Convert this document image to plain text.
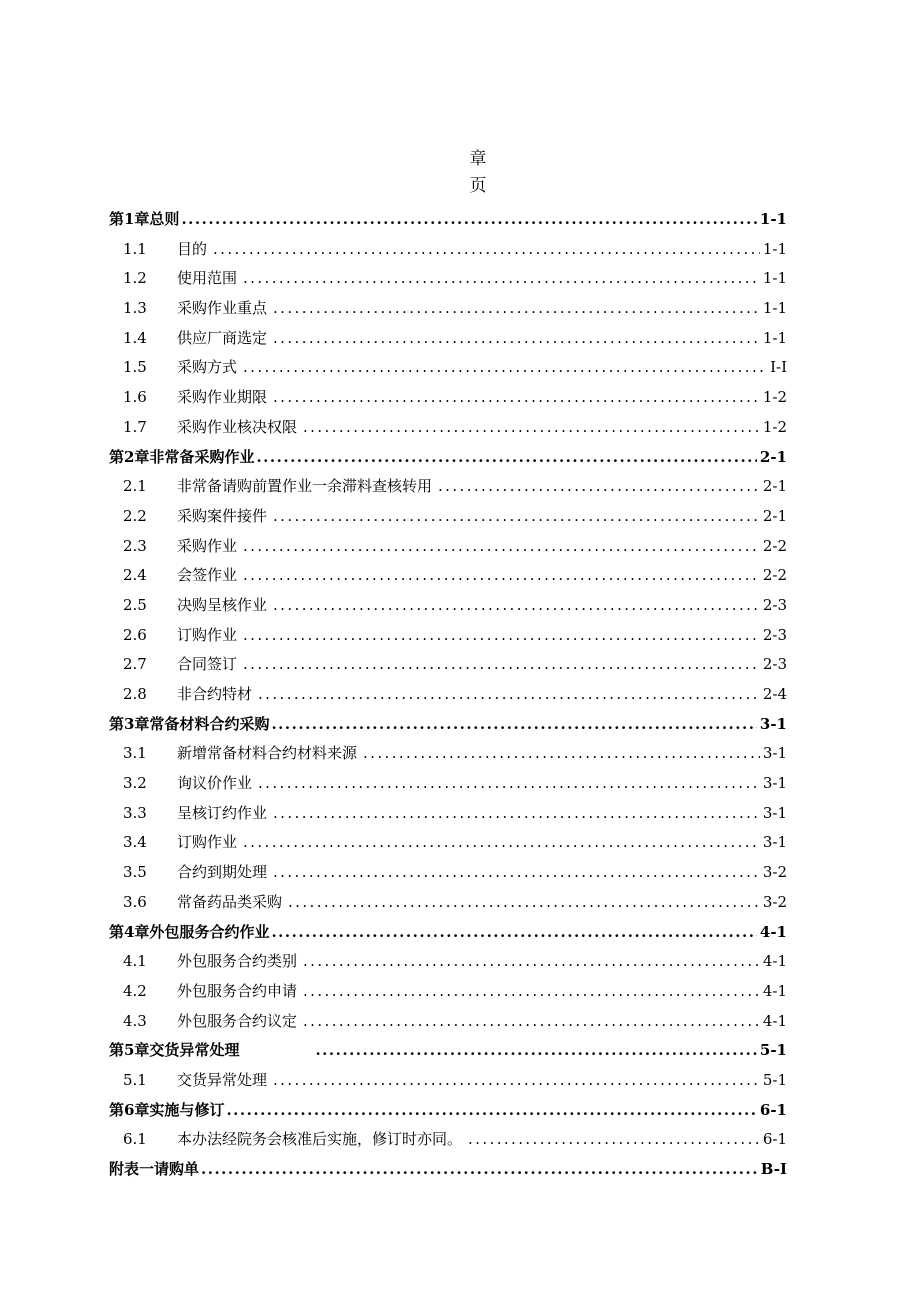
章
页
第1章总则 .....	1-1
1.1	目的 .....	1-1
1.2	使用范围 .....	1-1
1.3	采购作业重点 .....	1-1
1.4	供应厂商选定 .....	1-1
1.5	采购方式 .....	I-I
1.6	采购作业期限 .....	1-2
1.7	采购作业核决权限 .....	1-2
第2章非常备采购作业 .....	2-1
2.1	非常备请购前置作业一余滞料查核转用 .....	2-1
2.2	采购案件接件 .....	2-1
2.3	采购作业 .....	2-2
2.4	会签作业 .....	2-2
2.5	决购呈核作业 .....	2-3
2.6	订购作业 .....	2-3
2.7	合同签订 .....	2-3
2.8	非合约特材 .....	2-4
第3章常备材料合约采购 .....	3-1
3.1	新增常备材料合约材料来源 .....	3-1
3.2	询议价作业 .....	3-1
3.3	呈核订约作业 .....	3-1
3.4	订购作业 .....	3-1
3.5	合约到期处理 .....	3-2
3.6	常备药品类采购 .....	3-2
第4章外包服务合约作业 .....	4-1
4.1	外包服务合约类别 .....	4-1
4.2	外包服务合约申请 .....	4-1
4.3	外包服务合约议定 .....	4-1
第5章交货异常处理 .....	5-1
5.1	交货异常处理 .....	5-1
第6章实施与修订 .....	6-1
6.1	本办法经院务会核准后实施，修订时亦同。 .....	6-1
附表一请购单 .....	B-I
